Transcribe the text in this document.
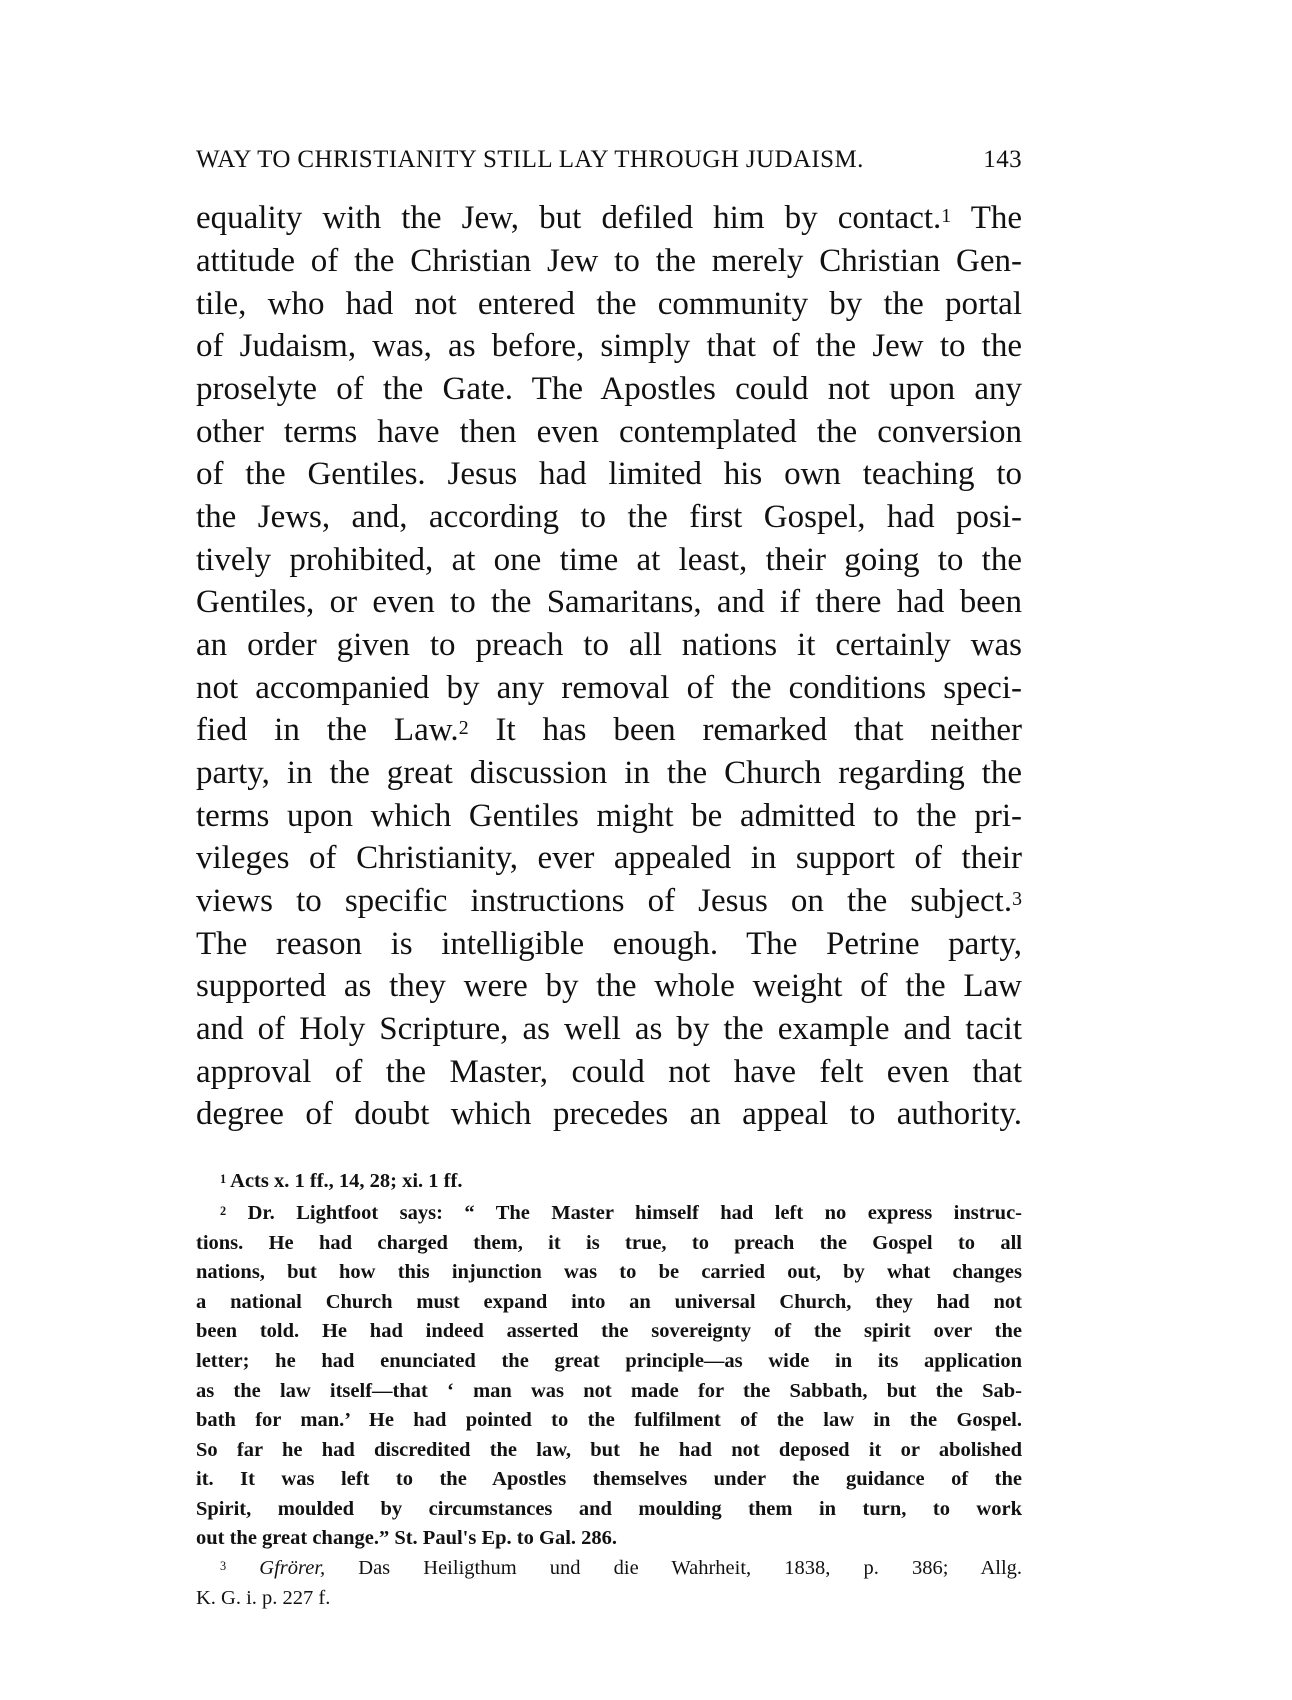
WAY TO CHRISTIANITY STILL LAY THROUGH JUDAISM.	143
equality with the Jew, but defiled him by contact.$^1$ The
attitude of the Christian Jew to the merely Christian Gen-
tile, who had not entered the community by the portal
of Judaism, was, as before, simply that of the Jew to the
proselyte of the Gate. The Apostles could not upon any
other terms have then even contemplated the conversion
of the Gentiles. Jesus had limited his own teaching to
the Jews, and, according to the first Gospel, had posi-
tively prohibited, at one time at least, their going to the
Gentiles, or even to the Samaritans, and if there had been
an order given to preach to all nations it certainly was
not accompanied by any removal of the conditions speci-
fied in the Law.$^2$ It has been remarked that neither
party, in the great discussion in the Church regarding the
terms upon which Gentiles might be admitted to the pri-
vileges of Christianity, ever appealed in support of their
views to specific instructions of Jesus on the subject.$^3$
The reason is intelligible enough. The Petrine party,
supported as they were by the whole weight of the Law
and of Holy Scripture, as well as by the example and tacit
approval of the Master, could not have felt even that
degree of doubt which precedes an appeal to authority.
$^1$ Acts x. 1 ff., 14, 28; xi. 1 ff.
$^2$ Dr. Lightfoot says: “ The Master himself had left no express instruc-
tions. He had charged them, it is true, to preach the Gospel to all
nations, but how this injunction was to be carried out, by what changes
a national Church must expand into an universal Church, they had not
been told. He had indeed asserted the sovereignty of the spirit over the
letter; he had enunciated the great principle—as wide in its application
as the law itself—that ‘ man was not made for the Sabbath, but the Sab-
bath for man.’ He had pointed to the fulfilment of the law in the Gospel.
So far he had discredited the law, but he had not deposed it or abolished
it. It was left to the Apostles themselves under the guidance of the
Spirit, moulded by circumstances and moulding them in turn, to work
out the great change.” St. Paul's Ep. to Gal. 286.
$^3$ Gfrörer, Das Heiligthum und die Wahrheit, 1838, p. 386; Allg.
K. G. i. p. 227 f.
